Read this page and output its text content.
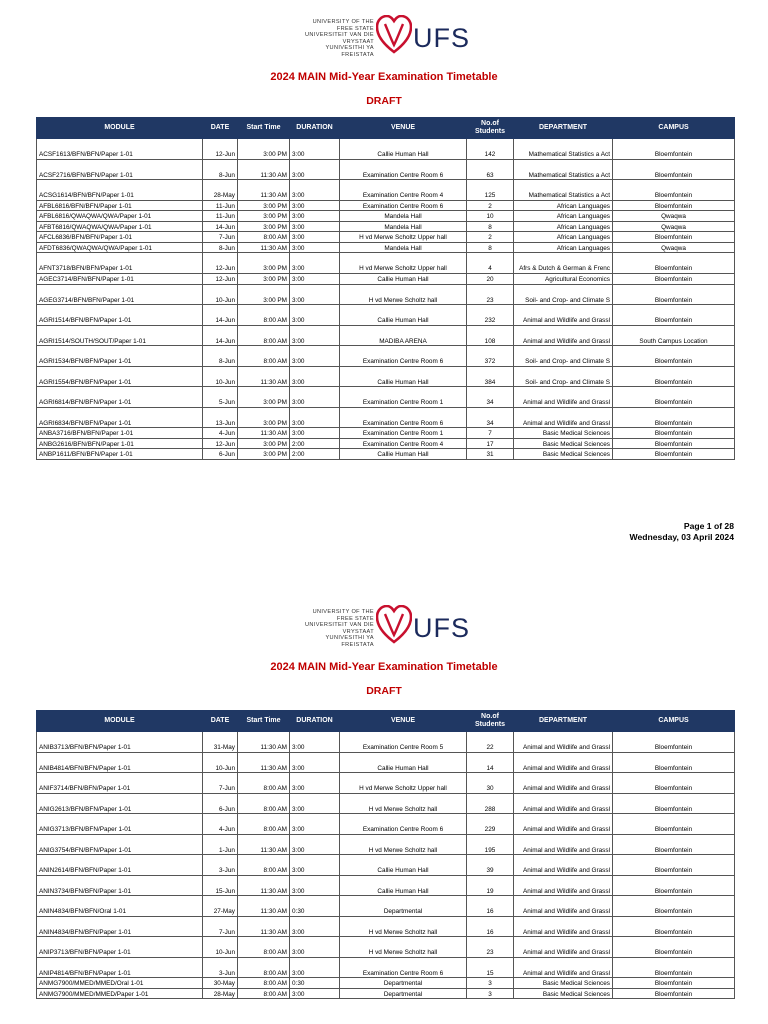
UNIVERSITY OF THE
FREE STATE
UNIVERSITEIT VAN DIE
VRYSTAAT
YUNIVESITHI YA
FREISTATA
UFS
2024 MAIN Mid-Year Examination Timetable
DRAFT
MODULE	DATE	Start Time	DURATION	VENUE	No.of Students	DEPARTMENT	CAMPUS
ACSF1613/BFN/BFN/Paper 1-01	12-Jun	3:00 PM	3:00	Callie Human Hall	142	Mathematical Statistics a Act	Bloemfontein
ACSF2716/BFN/BFN/Paper 1-01	8-Jun	11:30 AM	3:00	Examination Centre Room 6	63	Mathematical Statistics a Act	Bloemfontein
ACSG1614/BFN/BFN/Paper 1-01	28-May	11:30 AM	3:00	Examination Centre Room 4	125	Mathematical Statistics a Act	Bloemfontein
AFBL6816/BFN/BFN/Paper 1-01	11-Jun	3:00 PM	3:00	Examination Centre Room 6	2	African Languages	Bloemfontein
AFBL6816/QWAQWA/QWA/Paper 1-01	11-Jun	3:00 PM	3:00	Mandela Hall	10	African Languages	Qwaqwa
AFBT6816/QWAQWA/QWA/Paper 1-01	14-Jun	3:00 PM	3:00	Mandela Hall	8	African Languages	Qwaqwa
AFCL6836/BFN/BFN/Paper 1-01	7-Jun	8:00 AM	3:00	H vd Merwe Scholtz Upper hall	2	African Languages	Bloemfontein
AFDT6836/QWAQWA/QWA/Paper 1-01	8-Jun	11:30 AM	3:00	Mandela Hall	8	African Languages	Qwaqwa
AFNT3718/BFN/BFN/Paper 1-01	12-Jun	3:00 PM	3:00	H vd Merwe Scholtz Upper hall	4	Afrs & Dutch & German & Frenc	Bloemfontein
AGEC3714/BFN/BFN/Paper 1-01	12-Jun	3:00 PM	3:00	Callie Human Hall	20	Agricultural Economics	Bloemfontein
AGEG3714/BFN/BFN/Paper 1-01	10-Jun	3:00 PM	3:00	H vd Merwe Scholtz hall	23	Soil- and Crop- and Climate S	Bloemfontein
AGRI1514/BFN/BFN/Paper 1-01	14-Jun	8:00 AM	3:00	Callie Human Hall	232	Animal and Wildlife and Grassl	Bloemfontein
AGRI1514/SOUTH/SOUT/Paper 1-01	14-Jun	8:00 AM	3:00	MADIBA ARENA	108	Animal and Wildlife and Grassl	South Campus Location
AGRI1534/BFN/BFN/Paper 1-01	8-Jun	8:00 AM	3:00	Examination Centre Room 6	372	Soil- and Crop- and Climate S	Bloemfontein
AGRI1554/BFN/BFN/Paper 1-01	10-Jun	11:30 AM	3:00	Callie Human Hall	384	Soil- and Crop- and Climate S	Bloemfontein
AGRI6814/BFN/BFN/Paper 1-01	5-Jun	3:00 PM	3:00	Examination Centre Room 1	34	Animal and Wildlife and Grassl	Bloemfontein
AGRI6834/BFN/BFN/Paper 1-01	13-Jun	3:00 PM	3:00	Examination Centre Room 6	34	Animal and Wildlife and Grassl	Bloemfontein
ANBA3716/BFN/BFN/Paper 1-01	4-Jun	11:30 AM	3:00	Examination Centre Room 1	7	Basic Medical Sciences	Bloemfontein
ANBG2616/BFN/BFN/Paper 1-01	12-Jun	3:00 PM	2:00	Examination Centre Room 4	17	Basic Medical Sciences	Bloemfontein
ANBP1611/BFN/BFN/Paper 1-01	6-Jun	3:00 PM	2:00	Callie Human Hall	31	Basic Medical Sciences	Bloemfontein
Page 1 of 28
Wednesday, 03 April 2024
UNIVERSITY OF THE
FREE STATE
UNIVERSITEIT VAN DIE
VRYSTAAT
YUNIVESITHI YA
FREISTATA
UFS
2024 MAIN Mid-Year Examination Timetable
DRAFT
MODULE	DATE	Start Time	DURATION	VENUE	No.of Students	DEPARTMENT	CAMPUS
ANIB3713/BFN/BFN/Paper 1-01	31-May	11:30 AM	3:00	Examination Centre Room 5	22	Animal and Wildlife and Grassl	Bloemfontein
ANIB4814/BFN/BFN/Paper 1-01	10-Jun	11:30 AM	3:00	Callie Human Hall	14	Animal and Wildlife and Grassl	Bloemfontein
ANIF3714/BFN/BFN/Paper 1-01	7-Jun	8:00 AM	3:00	H vd Merwe Scholtz Upper hall	30	Animal and Wildlife and Grassl	Bloemfontein
ANIG2613/BFN/BFN/Paper 1-01	6-Jun	8:00 AM	3:00	H vd Merwe Scholtz hall	288	Animal and Wildlife and Grassl	Bloemfontein
ANIG3713/BFN/BFN/Paper 1-01	4-Jun	8:00 AM	3:00	Examination Centre Room 6	229	Animal and Wildlife and Grassl	Bloemfontein
ANIG3754/BFN/BFN/Paper 1-01	1-Jun	11:30 AM	3:00	H vd Merwe Scholtz hall	195	Animal and Wildlife and Grassl	Bloemfontein
ANIN2614/BFN/BFN/Paper 1-01	3-Jun	8:00 AM	3:00	Callie Human Hall	39	Animal and Wildlife and Grassl	Bloemfontein
ANIN3734/BFN/BFN/Paper 1-01	15-Jun	11:30 AM	3:00	Callie Human Hall	19	Animal and Wildlife and Grassl	Bloemfontein
ANIN4834/BFN/BFN/Oral 1-01	27-May	11:30 AM	0:30	Departmental	16	Animal and Wildlife and Grassl	Bloemfontein
ANIN4834/BFN/BFN/Paper 1-01	7-Jun	11:30 AM	3:00	H vd Merwe Scholtz hall	16	Animal and Wildlife and Grassl	Bloemfontein
ANIP3713/BFN/BFN/Paper 1-01	10-Jun	8:00 AM	3:00	H vd Merwe Scholtz hall	23	Animal and Wildlife and Grassl	Bloemfontein
ANIP4814/BFN/BFN/Paper 1-01	3-Jun	8:00 AM	3:00	Examination Centre Room 6	15	Animal and Wildlife and Grassl	Bloemfontein
ANMG7900/MMED/MMED/Oral 1-01	30-May	8:00 AM	0:30	Departmental	3	Basic Medical Sciences	Bloemfontein
ANMG7900/MMED/MMED/Paper 1-01	28-May	8:00 AM	3:00	Departmental	3	Basic Medical Sciences	Bloemfontein
